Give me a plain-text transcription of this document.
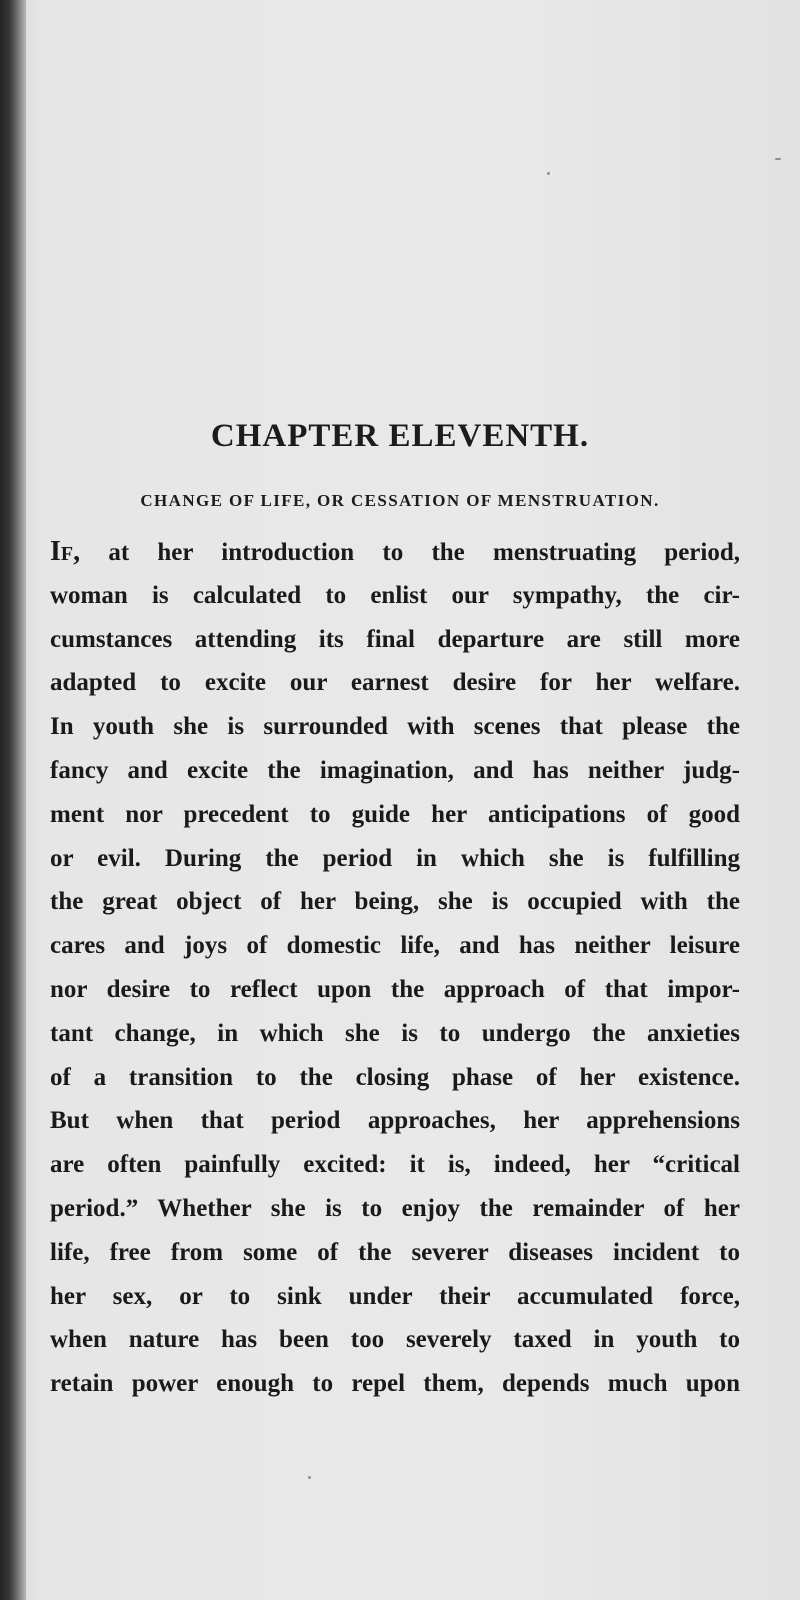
CHAPTER ELEVENTH.
CHANGE OF LIFE, OR CESSATION OF MENSTRUATION.
If, at her introduction to the menstruating period,
woman is calculated to enlist our sympathy, the cir-
cumstances attending its final departure are still more
adapted to excite our earnest desire for her welfare.
In youth she is surrounded with scenes that please the
fancy and excite the imagination, and has neither judg-
ment nor precedent to guide her anticipations of good
or evil. During the period in which she is fulfilling
the great object of her being, she is occupied with the
cares and joys of domestic life, and has neither leisure
nor desire to reflect upon the approach of that impor-
tant change, in which she is to undergo the anxieties
of a transition to the closing phase of her existence.
But when that period approaches, her apprehensions
are often painfully excited: it is, indeed, her “critical
period.” Whether she is to enjoy the remainder of her
life, free from some of the severer diseases incident to
her sex, or to sink under their accumulated force,
when nature has been too severely taxed in youth to
retain power enough to repel them, depends much upon
